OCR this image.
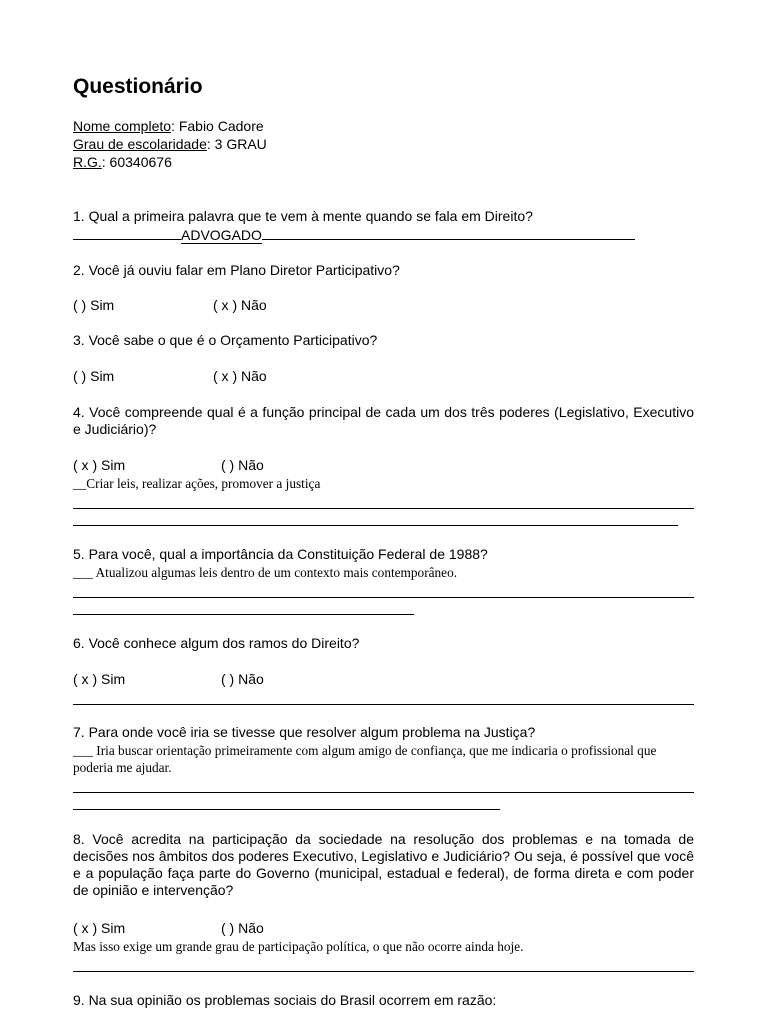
Questionário
Nome completo: Fabio Cadore
Grau de escolaridade: 3 GRAU
R.G.: 60340676
1. Qual a primeira palavra que te vem à mente quando se fala em Direito?
ADVOGADO
2. Você já ouviu falar em Plano Diretor Participativo?
( ) Sim	( x ) Não
3. Você sabe o que é o Orçamento Participativo?
( ) Sim	( x ) Não
4. Você compreende qual é a função principal de cada um dos três poderes (Legislativo, Executivo e Judiciário)?
( x ) Sim	( ) Não
__Criar leis, realizar ações, promover a justiça
5. Para você, qual a importância da Constituição Federal de 1988?
___ Atualizou algumas leis dentro de um contexto mais contemporâneo.
6. Você conhece algum dos ramos do Direito?
( x ) Sim	( ) Não
7. Para onde você iria se tivesse que resolver algum problema na Justiça?
___ Iria buscar orientação primeiramente com algum amigo de confiança, que me indicaria o profissional que poderia me ajudar.
8. Você acredita na participação da sociedade na resolução dos problemas e na tomada de decisões nos âmbitos dos poderes Executivo, Legislativo e Judiciário? Ou seja, é possível que você e a população faça parte do Governo (municipal, estadual e federal), de forma direta e com poder de opinião e intervenção?
( x ) Sim	( ) Não
Mas isso exige um grande grau de participação política, o que não ocorre ainda hoje.
9. Na sua opinião os problemas sociais do Brasil ocorrem em razão:
